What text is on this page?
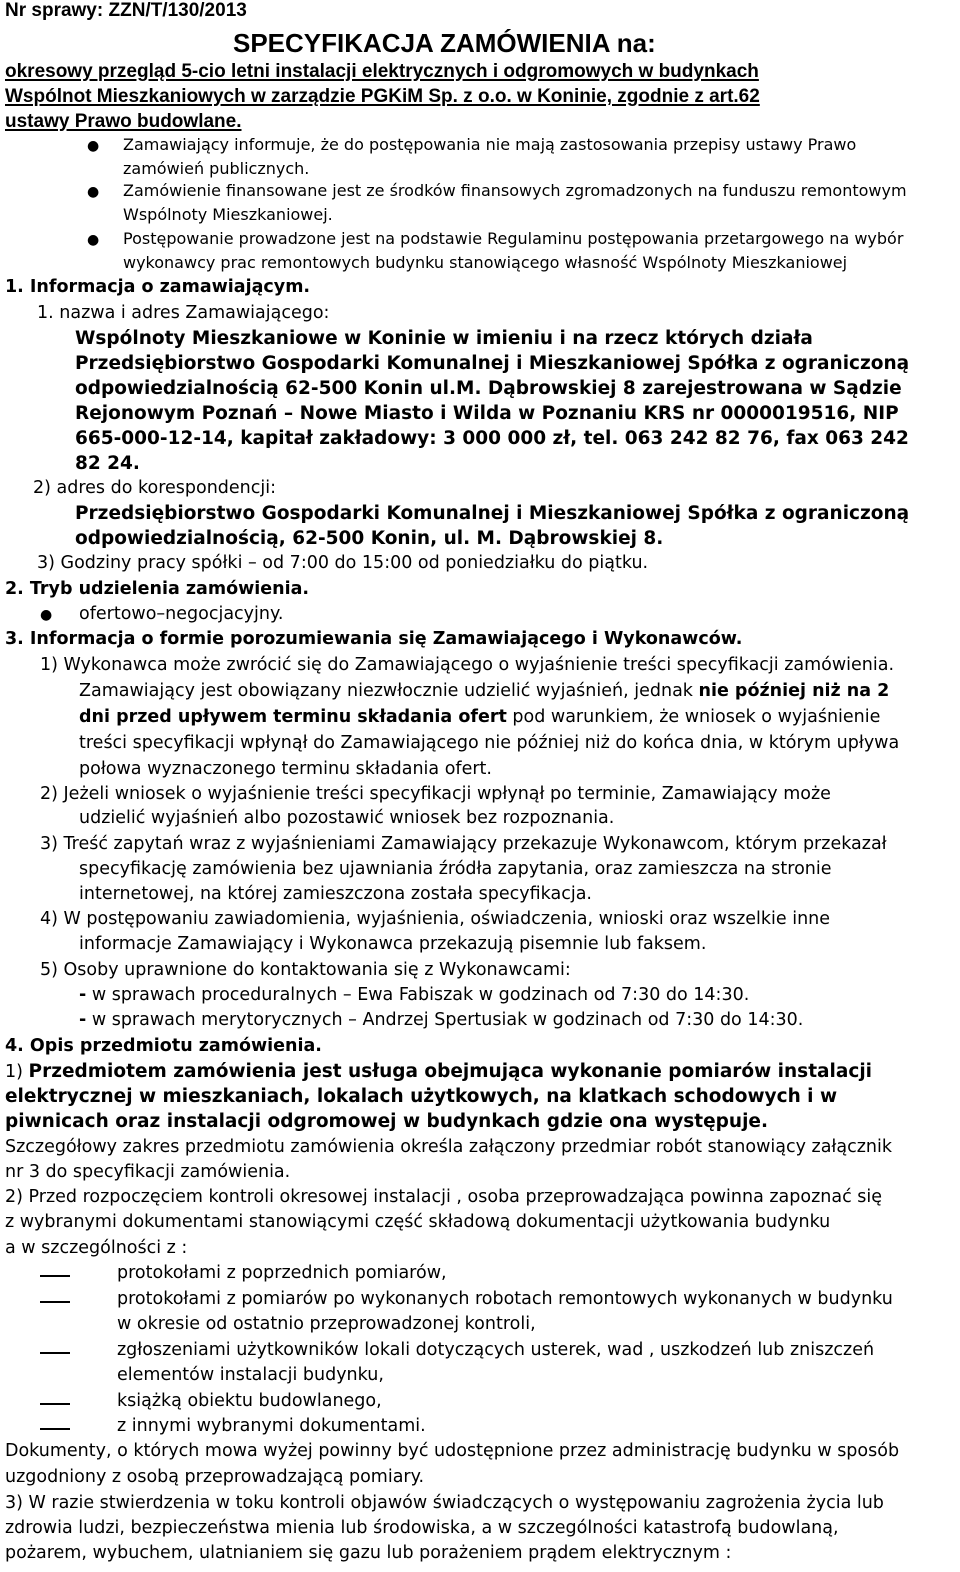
Nr sprawy: ZZN/T/130/2013
SPECYFIKACJA ZAMÓWIENIA na:
okresowy przegląd 5-cio letni instalacji elektrycznych i odgromowych w budynkach
Wspólnot Mieszkaniowych w zarządzie PGKiM Sp. z o.o. w Koninie, zgodnie z art.62
ustawy Prawo budowlane.
● Zamawiający informuje, że do postępowania nie mają zastosowania przepisy ustawy Prawo
zamówień publicznych.
● Zamówienie finansowane jest ze środków finansowych zgromadzonych na funduszu remontowym
Wspólnoty Mieszkaniowej.
● Postępowanie prowadzone jest na podstawie Regulaminu postępowania przetargowego na wybór
wykonawcy prac remontowych budynku stanowiącego własność Wspólnoty Mieszkaniowej
1. Informacja o zamawiającym.
1. nazwa i adres Zamawiającego:
Wspólnoty Mieszkaniowe w Koninie w imieniu i na rzecz których działa
Przedsiębiorstwo Gospodarki Komunalnej i Mieszkaniowej Spółka z ograniczoną
odpowiedzialnością 62-500 Konin ul.M. Dąbrowskiej 8 zarejestrowana w Sądzie
Rejonowym Poznań – Nowe Miasto i Wilda w Poznaniu KRS nr 0000019516, NIP
665-000-12-14, kapitał zakładowy: 3 000 000 zł, tel. 063 242 82 76, fax 063 242
82 24.
2) adres do korespondencji:
Przedsiębiorstwo Gospodarki Komunalnej i Mieszkaniowej Spółka z ograniczoną
odpowiedzialnością, 62-500 Konin, ul. M. Dąbrowskiej 8.
3) Godziny pracy spółki – od 7:00 do 15:00 od poniedziałku do piątku.
2. Tryb udzielenia zamówienia.
● ofertowo–negocjacyjny.
3. Informacja o formie porozumiewania się Zamawiającego i Wykonawców.
1) Wykonawca może zwrócić się do Zamawiającego o wyjaśnienie treści specyfikacji zamówienia.
Zamawiający jest obowiązany niezwłocznie udzielić wyjaśnień, jednak nie później niż na 2
dni przed upływem terminu składania ofert pod warunkiem, że wniosek o wyjaśnienie
treści specyfikacji wpłynął do Zamawiającego nie później niż do końca dnia, w którym upływa
połowa wyznaczonego terminu składania ofert.
2) Jeżeli wniosek o wyjaśnienie treści specyfikacji wpłynął po terminie, Zamawiający może
udzielić wyjaśnień albo pozostawić wniosek bez rozpoznania.
3) Treść zapytań wraz z wyjaśnieniami Zamawiający przekazuje Wykonawcom, którym przekazał
specyfikację zamówienia bez ujawniania źródła zapytania, oraz zamieszcza na stronie
internetowej, na której zamieszczona została specyfikacja.
4) W postępowaniu zawiadomienia, wyjaśnienia, oświadczenia, wnioski oraz wszelkie inne
informacje Zamawiający i Wykonawca przekazują pisemnie lub faksem.
5) Osoby uprawnione do kontaktowania się z Wykonawcami:
- w sprawach proceduralnych – Ewa Fabiszak w godzinach od 7:30 do 14:30.
- w sprawach merytorycznych – Andrzej Spertusiak w godzinach od 7:30 do 14:30.
4. Opis przedmiotu zamówienia.
1) Przedmiotem zamówienia jest usługa obejmująca wykonanie pomiarów instalacji
elektrycznej w mieszkaniach, lokalach użytkowych, na klatkach schodowych i w
piwnicach oraz instalacji odgromowej w budynkach gdzie ona występuje.
Szczegółowy zakres przedmiotu zamówienia określa załączony przedmiar robót stanowiący załącznik
nr 3 do specyfikacji zamówienia.
2) Przed rozpoczęciem kontroli okresowej instalacji , osoba przeprowadzająca powinna zapoznać się
z wybranymi dokumentami stanowiącymi część składową dokumentacji użytkowania budynku
a w szczególności z :
protokołami z poprzednich pomiarów,
protokołami z pomiarów po wykonanych robotach remontowych wykonanych w budynku
w okresie od ostatnio przeprowadzonej kontroli,
zgłoszeniami użytkowników lokali dotyczących usterek, wad , uszkodzeń lub zniszczeń
elementów instalacji budynku,
książką obiektu budowlanego,
z innymi wybranymi dokumentami.
Dokumenty, o których mowa wyżej powinny być udostępnione przez administrację budynku w sposób
uzgodniony z osobą przeprowadzającą pomiary.
3) W razie stwierdzenia w toku kontroli objawów świadczących o występowaniu zagrożenia życia lub
zdrowia ludzi, bezpieczeństwa mienia lub środowiska, a w szczególności katastrofą budowlaną,
pożarem, wybuchem, ulatnianiem się gazu lub porażeniem prądem elektrycznym :
